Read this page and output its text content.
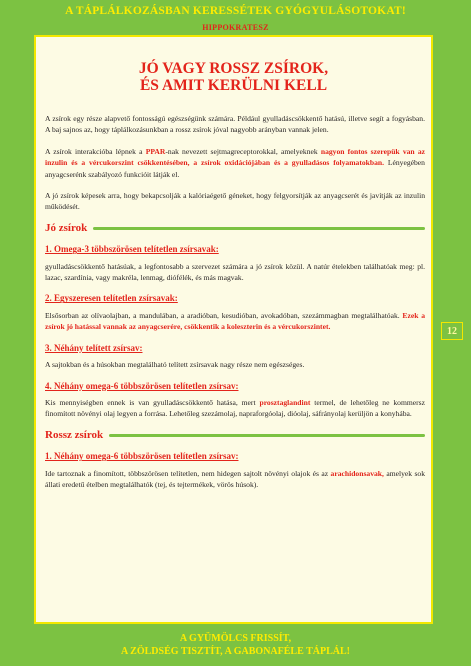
A TÁPLÁLKOZÁSBAN KERESSÉTEK GYÓGYULÁSOTOKAT!
HIPPOKRATESZ
JÓ VAGY ROSSZ ZSÍROK,
ÉS AMIT KERÜLNI KELL

A zsírok egy része alapvető fontosságú egészségünk számára. Például gyulladáscsökkentő hatású, illetve segít a fogyásban. A baj sajnos az, hogy táplálkozásunkban a rossz zsírok jóval nagyobb arányban vannak jelen.

A zsírok interakcióba lépnek a PPAR-nak nevezett sejtmagreceptorokkal, amelyeknek nagyon fontos szerepük van az inzulin és a vércukorszint csökkentésében, a zsírok oxidációjában és a gyulladásos folyamatokban. Lényegében anyagcserénk szabályozó funkcióit látják el.

A jó zsírok képesek arra, hogy bekapcsolják a kalóriaégető géneket, hogy felgyorsítják az anyagcserét és javítják az inzulin működését.

Jó zsírok
1. Omega-3 többszörösen telítetlen zsírsavak:

gyulladáscsökkentő hatásúak, a legfontosabb a szervezet számára a jó zsírok közül. A natúr ételekben találhatóak meg: pl. lazac, szardínia, vagy makréla, lenmag, diófélék, és más magvak.

2. Egyszeresen telítetlen zsírsavak:

Elsősorban az olívaolajban, a mandulában, a aradióban, kesudióban, avokadóban, szezámmagban megtalálhatóak. Ezek a zsírok jó hatással vannak az anyagcserére, csökkentik a koleszterin és a vércukorszintet.

3. Néhány telített zsírsav:

A sajtokban és a húsokban megtalálható telített zsírsavak nagy része nem egészséges.

4. Néhány omega-6 többszörösen telítetlen zsírsav:

Kis mennyiségben ennek is van gyulladáscsökkentő hatása, mert prosztaglandint termel, de lehetőleg ne kommersz finomított növényi olaj legyen a forrása. Lehetőleg szezámolaj, napraforgóolaj, dióolaj, sáfrányolaj kerüljön a konyhába.

Rossz zsírok
1. Néhány omega-6 többszörösen telítetlen zsírsav:

Ide tartoznak a finomított, többszörösen telítetlen, nem hidegen sajtolt növényi olajok és az arachidonsavak, amelyek sok állati eredetű ételben megtalálhatók (tej, és tejtermékek, vörös húsok).

12
A GYÜMÖLCS FRISSÍT,
A ZÖLDSÉG TISZTÍT, A GABONAFÉLE TÁPLÁL!
